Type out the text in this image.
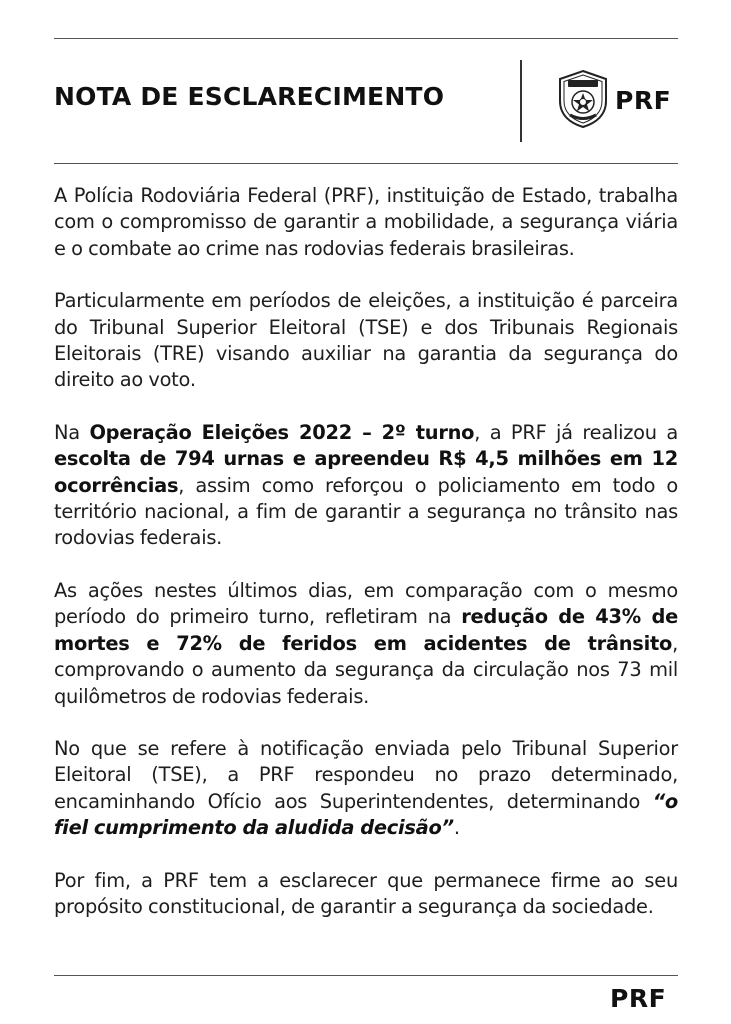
NOTA DE ESCLARECIMENTO	PRF

A Polícia Rodoviária Federal (PRF), instituição de Estado, trabalha com o compromisso de garantir a mobilidade, a segurança viária e o combate ao crime nas rodovias federais brasileiras.

Particularmente em períodos de eleições, a instituição é parceira do Tribunal Superior Eleitoral (TSE) e dos Tribunais Regionais Eleitorais (TRE) visando auxiliar na garantia da segurança do direito ao voto.

Na Operação Eleições 2022 – 2º turno, a PRF já realizou a escolta de 794 urnas e apreendeu R$ 4,5 milhões em 12 ocorrências, assim como reforçou o policiamento em todo o território nacional, a fim de garantir a segurança no trânsito nas rodovias federais.

As ações nestes últimos dias, em comparação com o mesmo período do primeiro turno, refletiram na redução de 43% de mortes e 72% de feridos em acidentes de trânsito, comprovando o aumento da segurança da circulação nos 73 mil quilômetros de rodovias federais.

No que se refere à notificação enviada pelo Tribunal Superior Eleitoral (TSE), a PRF respondeu no prazo determinado, encaminhando Ofício aos Superintendentes, determinando “o fiel cumprimento da aludida decisão”.

Por fim, a PRF tem a esclarecer que permanece firme ao seu propósito constitucional, de garantir a segurança da sociedade.

PRF
